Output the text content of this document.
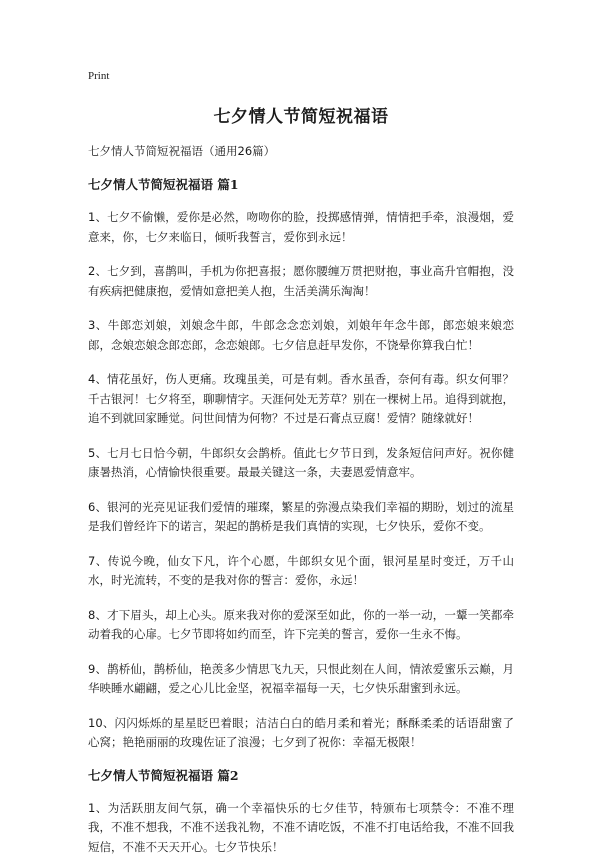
Print
七夕情人节简短祝福语

七夕情人节简短祝福语（通用26篇）

七夕情人节简短祝福语 篇1

1、七夕不偷懒，爱你是必然，吻吻你的脸，投掷感情弹，情情把手牵，浪漫烟，爱意来，你，七夕来临日，倾听我誓言，爱你到永远！

2、七夕到，喜鹊叫，手机为你把喜报；愿你腰缠万贯把财抱，事业高升官帽抱，没有疾病把健康抱，爱情如意把美人抱，生活美满乐淘淘！

3、牛郎恋刘娘，刘娘念牛郎，牛郎念念恋刘娘，刘娘年年念牛郎，郎恋娘来娘恋郎，念娘恋娘念郎恋郎，念恋娘郎。七夕信息赶早发你，不饶晕你算我白忙！

4、情花虽好，伤人更痛。玫瑰虽美，可是有刺。香水虽香，奈何有毒。织女何罪？千古银河！七夕将至，聊聊情字。天涯何处无芳草？别在一棵树上吊。追得到就抱，追不到就回家睡觉。问世间情为何物？不过是石膏点豆腐！爱情？随缘就好！

5、七月七日恰今朝，牛郎织女会鹊桥。值此七夕节日到，发条短信问声好。祝你健康暑热消，心情愉快很重要。最最关键这一条，夫妻恩爱情意牢。

6、银河的光亮见证我们爱情的璀璨，繁星的弥漫点染我们幸福的期盼，划过的流星是我们曾经许下的诺言，架起的鹊桥是我们真情的实现，七夕快乐，爱你不变。

7、传说今晚，仙女下凡，许个心愿，牛郎织女见个面，银河星星时变迁，万千山水，时光流转，不变的是我对你的誓言：爱你，永远！

8、才下眉头，却上心头。原来我对你的爱深至如此，你的一举一动，一颦一笑都牵动着我的心扉。七夕节即将如约而至，许下完美的誓言，爱你一生永不悔。

9、鹊桥仙，鹊桥仙，艳羡多少情思飞九天，只恨此刻在人间，情浓爱蜜乐云巅，月华映睡水翩翩，爱之心儿比金坚，祝福幸福每一天，七夕快乐甜蜜到永远。

10、闪闪烁烁的星星眨巴着眼；洁洁白白的皓月柔和着光；酥酥柔柔的话语甜蜜了心窝；艳艳丽丽的玫瑰佐证了浪漫；七夕到了祝你：幸福无极限！

七夕情人节简短祝福语 篇2

1、为活跃朋友间气氛，确一个幸福快乐的七夕佳节，特颁布七项禁令：不准不理我，不准不想我，不准不送我礼物，不准不请吃饭，不准不打电话给我，不准不回我短信，不准不天天开心。七夕节快乐！
